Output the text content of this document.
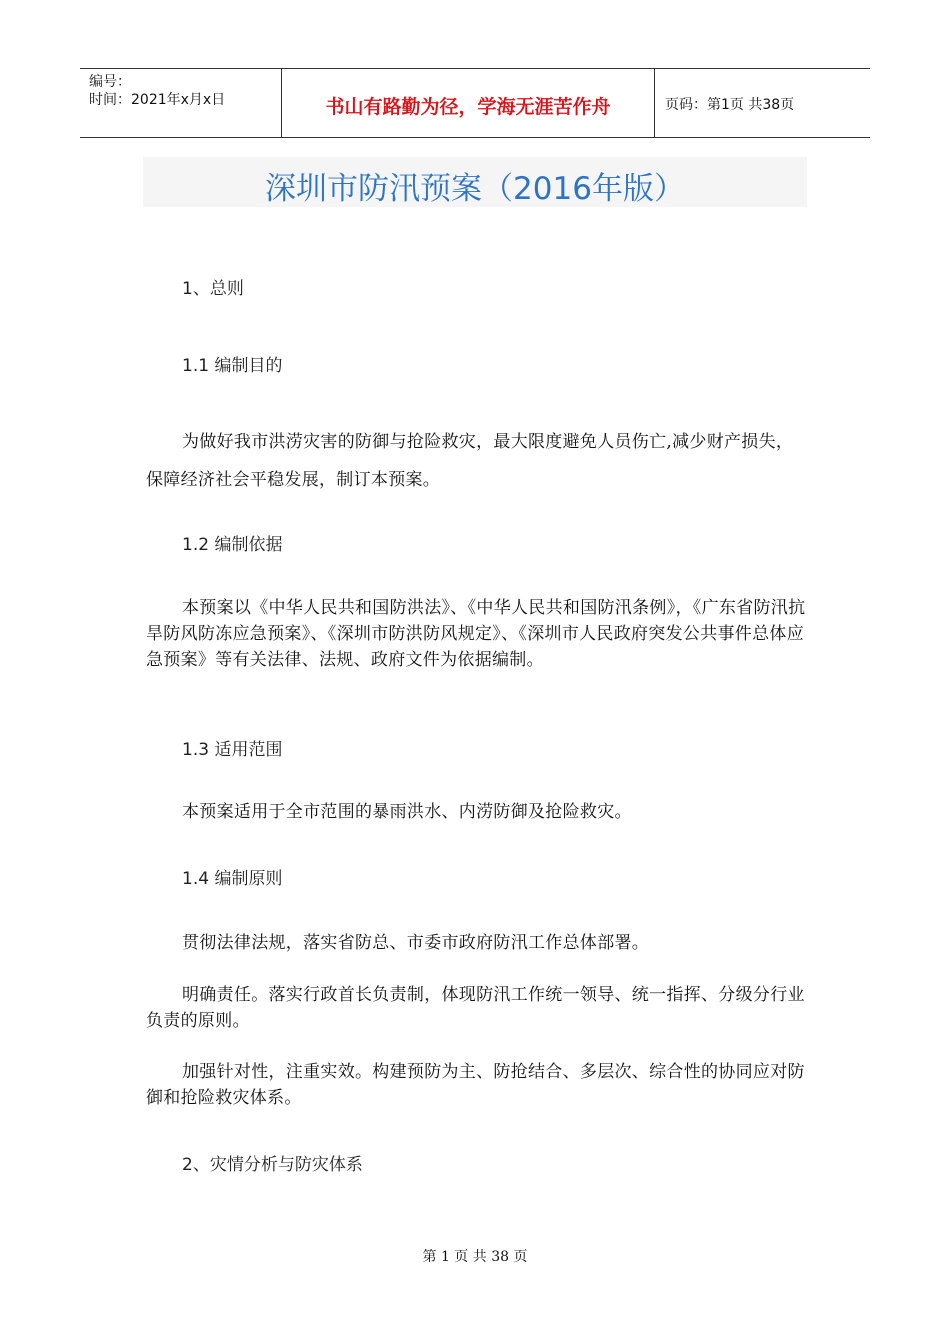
编号：
时间：2021年x月x日	书山有路勤为径，学海无涯苦作舟	页码：第1页 共38页
深圳市防汛预案（2016年版）
1、总则
1.1 编制目的
为做好我市洪涝灾害的防御与抢险救灾，最大限度避免人员伤亡,减少财产损失，保障经济社会平稳发展，制订本预案。
1.2 编制依据
本预案以《中华人民共和国防洪法》、《中华人民共和国防汛条例》，《广东省防汛抗旱防风防冻应急预案》、《深圳市防洪防风规定》、《深圳市人民政府突发公共事件总体应急预案》等有关法律、法规、政府文件为依据编制。
1.3 适用范围
本预案适用于全市范围的暴雨洪水、内涝防御及抢险救灾。
1.4 编制原则
贯彻法律法规，落实省防总、市委市政府防汛工作总体部署。
明确责任。落实行政首长负责制，体现防汛工作统一领导、统一指挥、分级分行业负责的原则。
加强针对性，注重实效。构建预防为主、防抢结合、多层次、综合性的协同应对防御和抢险救灾体系。
2、灾情分析与防灾体系
第 1 页 共 38 页
